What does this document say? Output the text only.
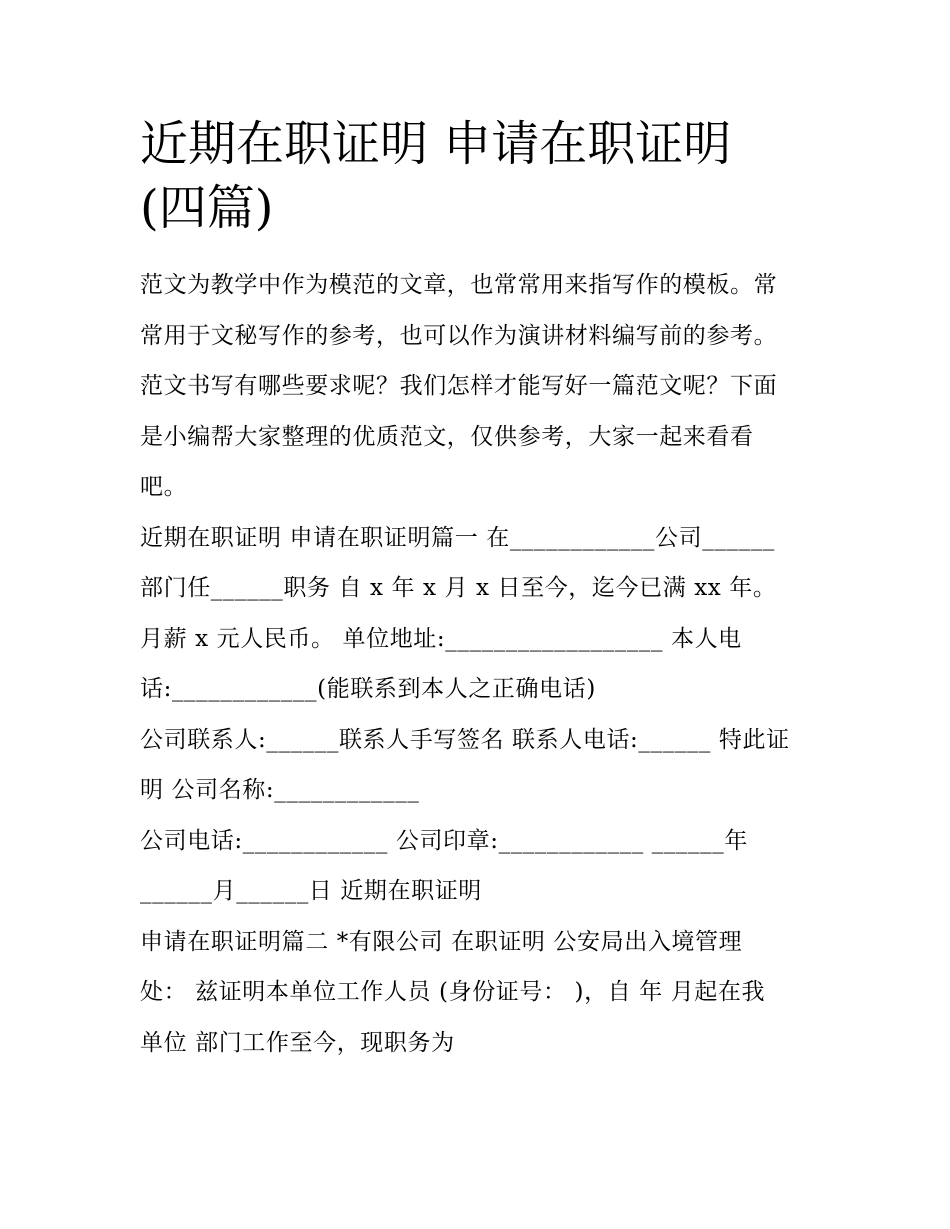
近期在职证明 申请在职证明
(四篇)
范文为教学中作为模范的文章，也常常用来指写作的模板。常
常用于文秘写作的参考，也可以作为演讲材料编写前的参考。
范文书写有哪些要求呢？我们怎样才能写好一篇范文呢？下面
是小编帮大家整理的优质范文，仅供参考，大家一起来看看
吧。
近期在职证明 申请在职证明篇一 在____________公司______
部门任______职务 自 x 年 x 月 x 日至今，迄今已满 xx 年。
月薪 x 元人民币。 单位地址:__________________ 本人电
话:____________(能联系到本人之正确电话)
公司联系人:______联系人手写签名 联系人电话:______ 特此证
明 公司名称:____________
公司电话:____________ 公司印章:____________ ______年
______月______日 近期在职证明
申请在职证明篇二 *有限公司 在职证明 公安局出入境管理
处： 兹证明本单位工作人员 (身份证号： )，自 年 月起在我
单位 部门工作至今，现职务为
